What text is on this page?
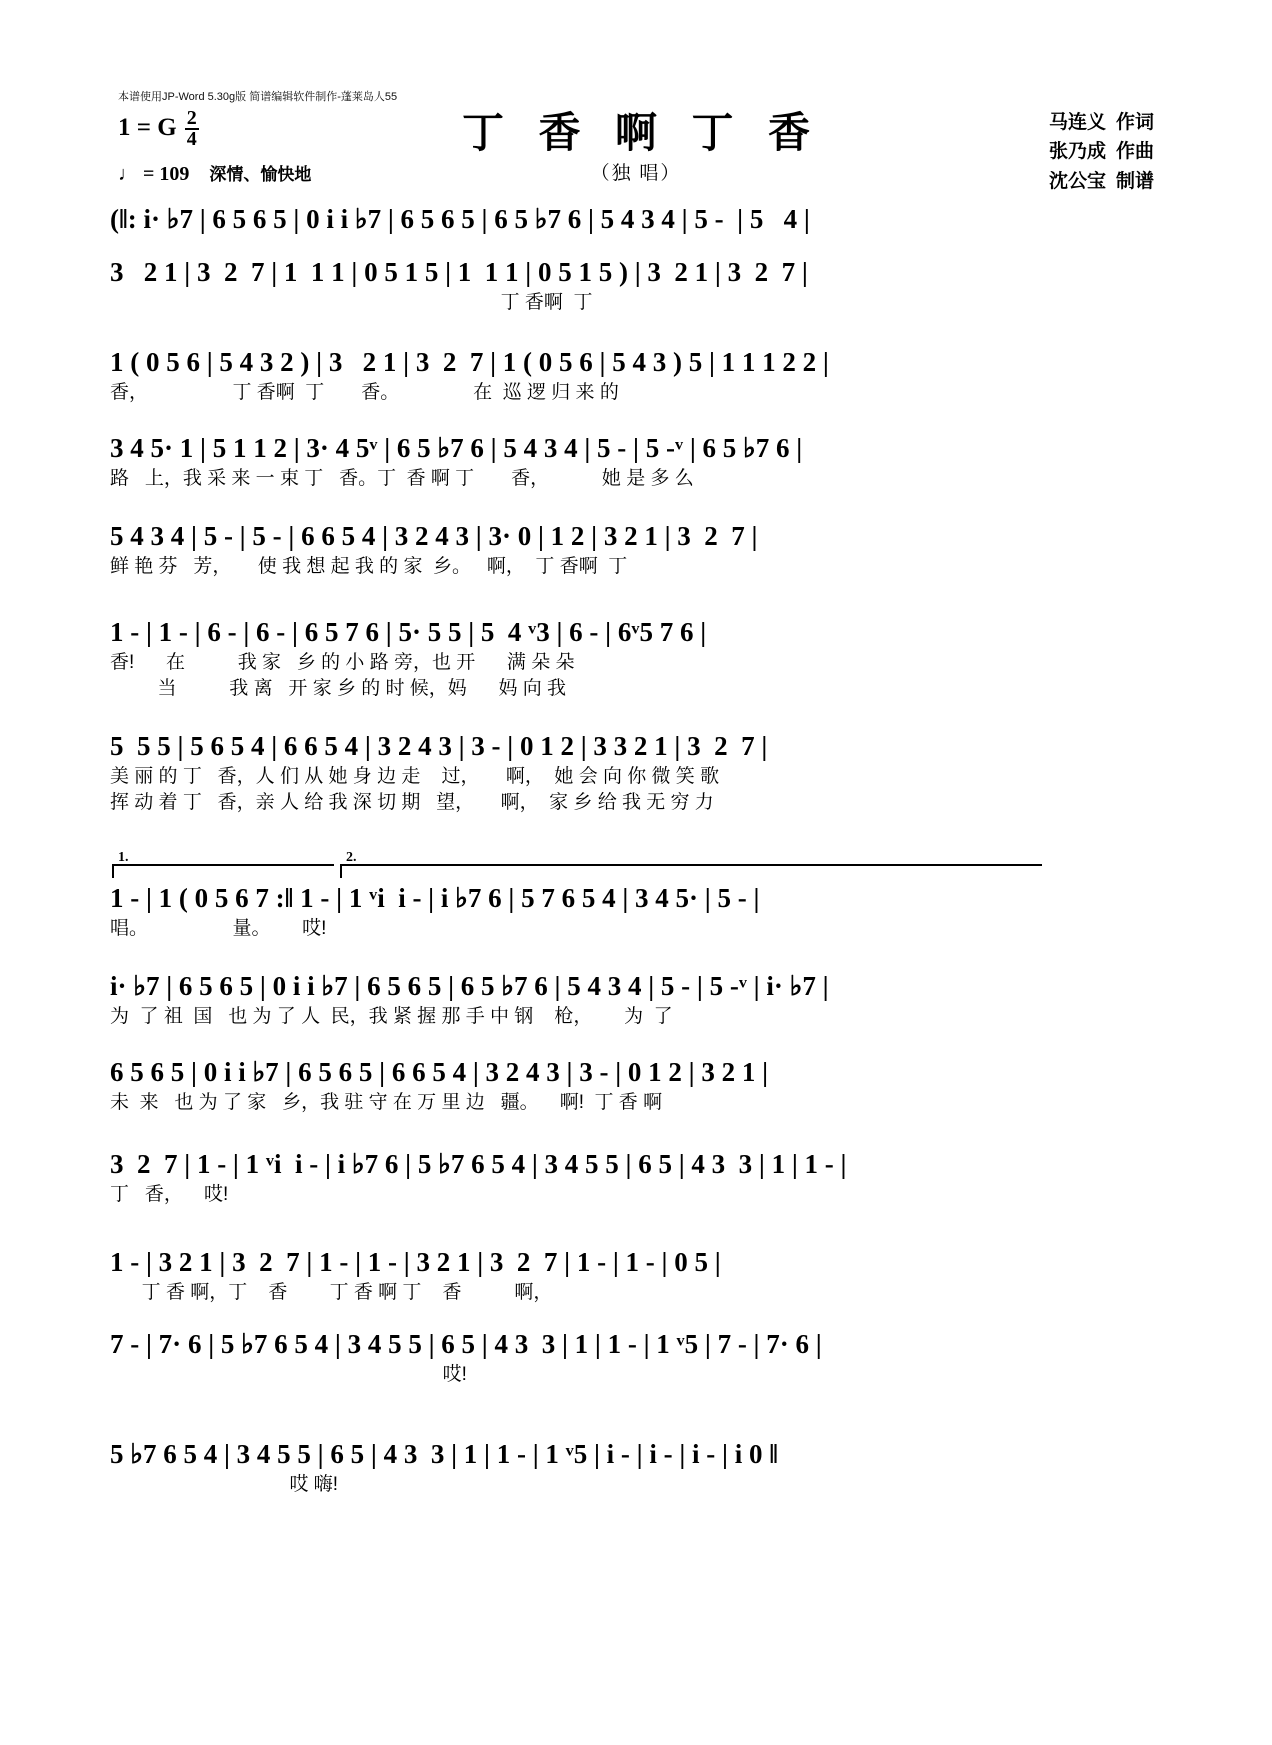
本谱使用JP-Word 5.30g版 简谱编辑软件制作-蓬莱岛人55
1 = G $\frac{2}{4}$
♩ = 109 深情、愉快地
丁 香 啊 丁 香
（独 唱）
马连义 作词
张乃成 作曲
沈公宝 制谱
(‖: i· ♭7 | 6 5 6 5 | 0 i i ♭7 | 6 5 6 5 | 6 5 ♭7 6 | 5 4 3 4 | 5 -  | 5   4 |
3   2 1 | 3  2  7 | 1  1 1 | 0 5 1 5 | 1  1 1 | 0 5 1 5 ) | 3  2 1 | 3  2  7 |
丁 香啊  丁
1 ( 0 5 6 | 5 4 3 2 ) | 3   2 1 | 3  2  7 | 1 ( 0 5 6 | 5 4 3 ) 5 | 1 1 1 2 2 |
香，                丁 香啊  丁       香。              在  巡 逻 归 来 的
3 4 5· 1 | 5 1 1 2 | 3· 4 5ᵛ | 6 5 ♭7 6 | 5 4 3 4 | 5 - | 5 -ᵛ | 6 5 ♭7 6 |
路   上，我 采 来 一 束 丁   香。丁  香 啊 丁       香，          她 是 多 么
5 4 3 4 | 5 - | 5 - | 6 6 5 4 | 3 2 4 3 | 3· 0 | 1 2 | 3 2 1 | 3  2  7 |
鲜 艳 芬   芳，     使 我 想 起 我 的 家  乡。   啊，  丁 香啊  丁
1 - | 1 - | 6 - | 6 - | 6 5 7 6 | 5· 5 5 | 5  4 ᵛ3 | 6 - | 6ᵛ5 7 6 |
香!      在          我 家   乡 的 小 路 旁，也 开      满 朵 朵
当          我 离   开 家 乡 的 时 候，妈      妈 向 我
5  5 5 | 5 6 5 4 | 6 6 5 4 | 3 2 4 3 | 3 - | 0 1 2 | 3 3 2 1 | 3  2  7 |
美 丽 的 丁   香，人 们 从 她 身 边 走    过，     啊，  她 会 向 你 微 笑 歌
挥 动 着 丁   香，亲 人 给 我 深 切 期   望，     啊，  家 乡 给 我 无 穷 力
1.	2.
1 - | 1 ( 0 5 6 7 :‖ 1 - | 1 ᵛi  i - | i ♭7 6 | 5 7 6 5 4 | 3 4 5· | 5 - |
唱。                量。      哎!
i· ♭7 | 6 5 6 5 | 0 i i ♭7 | 6 5 6 5 | 6 5 ♭7 6 | 5 4 3 4 | 5 - | 5 -ᵛ | i· ♭7 |
为  了 祖  国   也 为 了 人  民，我 紧 握 那 手 中 钢    枪，      为  了
6 5 6 5 | 0 i i ♭7 | 6 5 6 5 | 6 6 5 4 | 3 2 4 3 | 3 - | 0 1 2 | 3 2 1 |
未  来   也 为 了 家   乡，我 驻 守 在 万 里 边   疆。    啊!  丁 香 啊
3  2  7 | 1 - | 1 ᵛi  i - | i ♭7 6 | 5 ♭7 6 5 4 | 3 4 5 5 | 6 5 | 4 3  3 | 1 | 1 - |
丁   香，    哎!
1 - | 3 2 1 | 3  2  7 | 1 - | 1 - | 3 2 1 | 3  2  7 | 1 - | 1 - | 0 5 |
丁 香 啊，丁    香        丁 香 啊 丁    香          啊，
7 - | 7· 6 | 5 ♭7 6 5 4 | 3 4 5 5 | 6 5 | 4 3  3 | 1 | 1 - | 1 ᵛ5 | 7 - | 7· 6 |
哎!
5 ♭7 6 5 4 | 3 4 5 5 | 6 5 | 4 3  3 | 1 | 1 - | 1 ᵛ5 | i - | i - | i - | i 0 ‖
哎 嗨!
